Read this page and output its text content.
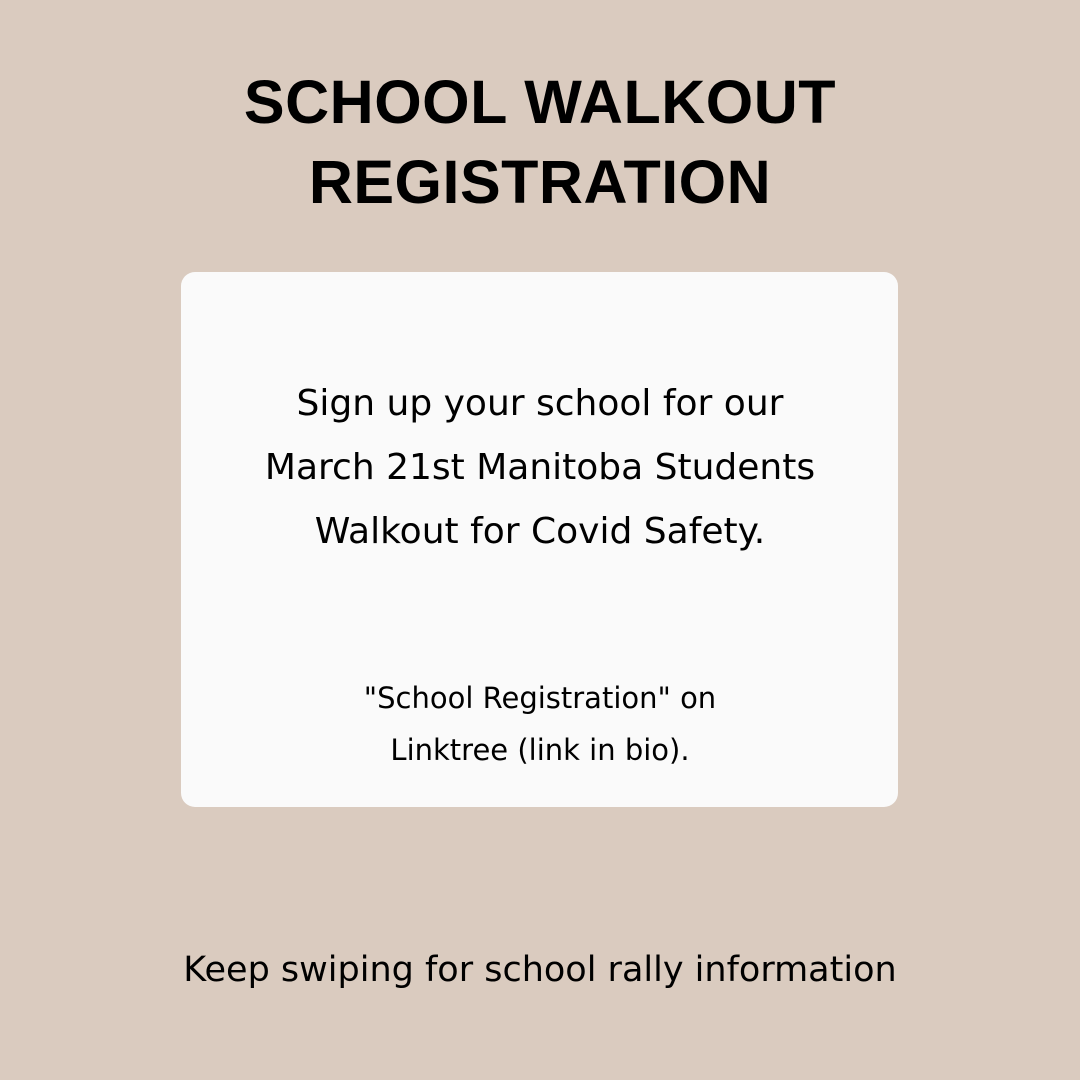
SCHOOL WALKOUT
REGISTRATION

Sign up your school for our
March 21st Manitoba Students
Walkout for Covid Safety.

"School Registration" on
Linktree (link in bio).

Keep swiping for school rally information
